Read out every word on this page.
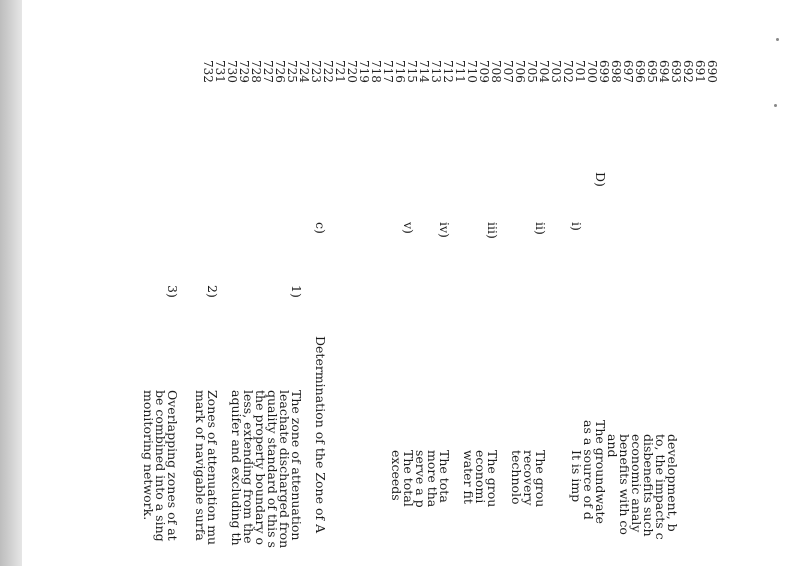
690
691
692
693
694
695
696
697
698
699
700
701
702
703
704
705
706
707
708
709
710
711
712
713
714
715
716
717
718
719
720
721
722
723
724
725
726
727
728
729
730
731
732
D)
i)
ii)
iii)
iv)
v)
c)
1)
2)
3)
development, b
to, the impacts c
disbenefits such
economic analy
benefits with co
and
The groundwate
as a source of d
It is imp
The grou
recovery
technolo
The grou
economi
water fit
The tota
more tha
serve a p
The total
exceeds
Determination of the Zone of A
The zone of attenuation
leachate discharged fron
quality standard of this s
the property boundary o
less, extending from the
aquifer and excluding th
Zones of attenuation mu
mark of navigable surfa
Overlapping zones of at
be combined into a sing
monitoring network.
